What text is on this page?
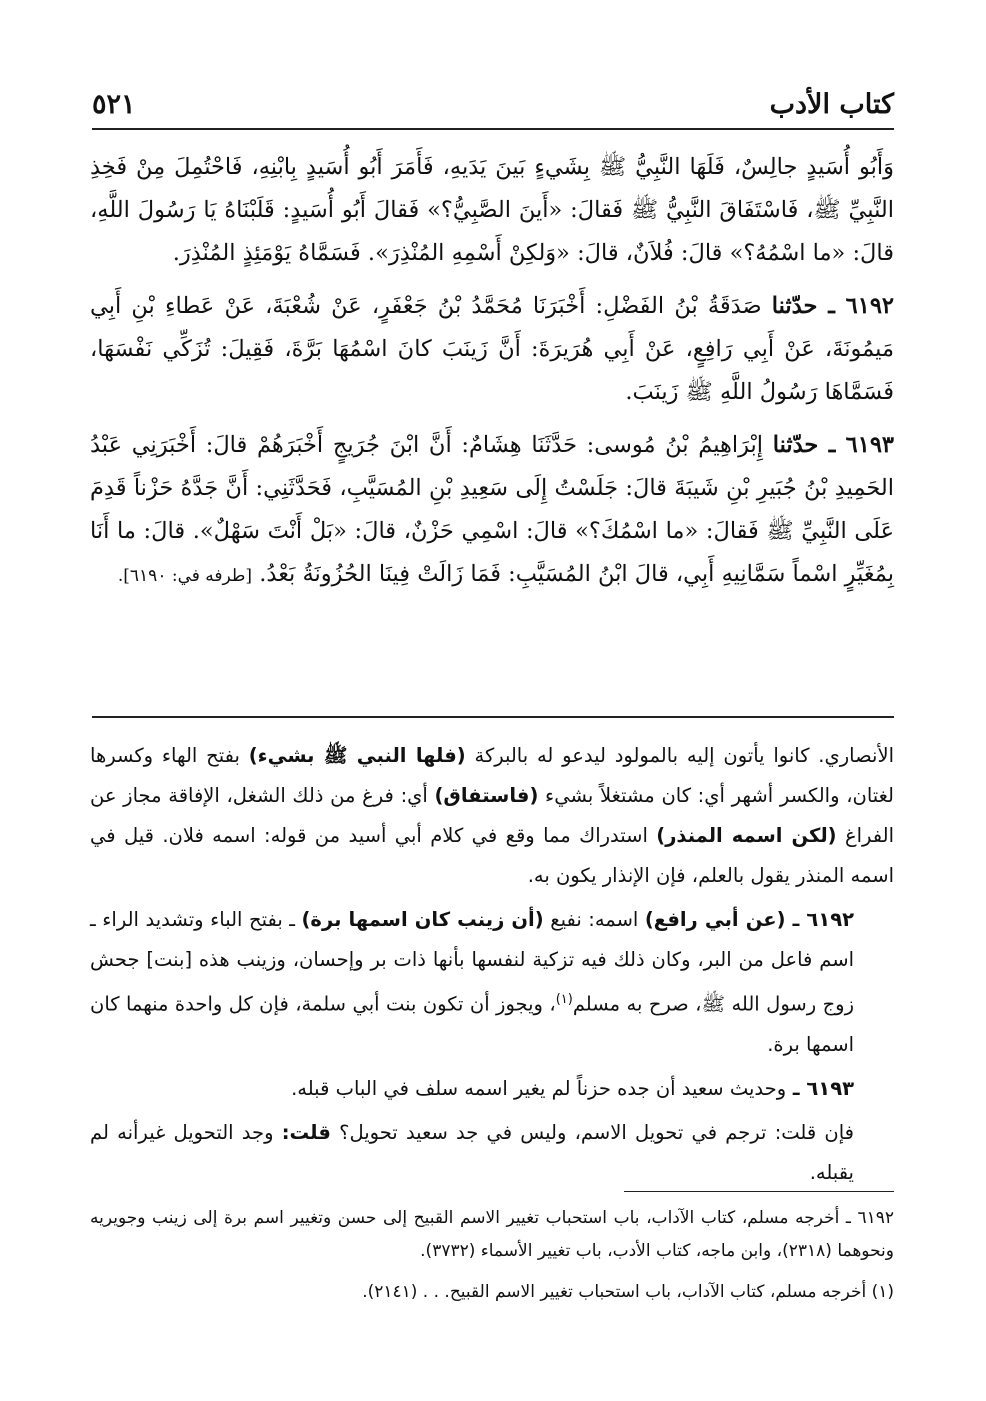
كتاب الأدب
٥٢١

وَأَبُو أُسَيدٍ جالِسٌ، فَلَهَا النَّبِيُّ ﷺ بِشَيءٍ بَينَ يَدَيهِ، فَأَمَرَ أَبُو أُسَيدٍ بِابْنِهِ، فَاحْتُمِلَ مِنْ فَخِذِ النَّبِيِّ ﷺ، فَاسْتَفَاقَ النَّبِيُّ ﷺ فَقالَ: «أَينَ الصَّبِيُّ؟» فَقالَ أَبُو أُسَيدٍ: قَلَبْنَاهُ يَا رَسُولَ اللَّهِ، قالَ: «ما اسْمُهُ؟» قالَ: فُلاَنٌ، قالَ: «وَلكِنْ أَسْمِهِ المُنْذِرَ». فَسَمَّاهُ يَوْمَئِذٍ المُنْذِرَ.

٦١٩٢ ـ حدّثنا صَدَقَةُ بْنُ الفَضْلِ: أَخْبَرَنَا مُحَمَّدُ بْنُ جَعْفَرٍ، عَنْ شُعْبَةَ، عَنْ عَطاءِ بْنِ أَبِي مَيمُونَةَ، عَنْ أَبِي رَافِعٍ، عَنْ أَبِي هُرَيرَةَ: أَنَّ زَينَبَ كانَ اسْمُهَا بَرَّةَ، فَقِيلَ: تُزَكِّي نَفْسَهَا، فَسَمَّاهَا رَسُولُ اللَّهِ ﷺ زَينَبَ.

٦١٩٣ ـ حدّثنا إِبْرَاهِيمُ بْنُ مُوسى: حَدَّثَنَا هِشَامٌ: أَنَّ ابْنَ جُرَيجٍ أَخْبَرَهُمْ قالَ: أَخْبَرَنِي عَبْدُ الحَمِيدِ بْنُ جُبَيرِ بْنِ شَيبَةَ قالَ: جَلَسْتُ إِلَى سَعِيدِ بْنِ المُسَيَّبِ، فَحَدَّثَنِي: أَنَّ جَدَّهُ حَزْناً قَدِمَ عَلَى النَّبِيِّ ﷺ فَقالَ: «ما اسْمُكَ؟» قالَ: اسْمِي حَزْنٌ، قالَ: «بَلْ أَنْتَ سَهْلٌ». قالَ: ما أَنَا بِمُغَيِّرٍ اسْماً سَمَّانِيهِ أَبِي، قالَ ابْنُ المُسَيَّبِ: فَمَا زَالَتْ فِينَا الحُزُونَةُ بَعْدُ. [طرفه في: ٦١٩٠].

الأنصاري. كانوا يأتون إليه بالمولود ليدعو له بالبركة (فلها النبي ﷺ بشيء) بفتح الهاء وكسرها لغتان، والكسر أشهر أي: كان مشتغلاً بشيء (فاستفاق) أي: فرغ من ذلك الشغل، الإفاقة مجاز عن الفراغ (لكن اسمه المنذر) استدراك مما وقع في كلام أبي أسيد من قوله: اسمه فلان. قيل في اسمه المنذر يقول بالعلم، فإن الإنذار يكون به.

٦١٩٢ ـ (عن أبي رافع) اسمه: نفيع (أن زينب كان اسمها برة) ـ بفتح الباء وتشديد الراء ـ اسم فاعل من البر، وكان ذلك فيه تزكية لنفسها بأنها ذات بر وإحسان، وزينب هذه [بنت] جحش زوج رسول الله ﷺ، صرح به مسلم$^{(١)}$، ويجوز أن تكون بنت أبي سلمة، فإن كل واحدة منهما كان اسمها برة.

٦١٩٣ ـ وحديث سعيد أن جده حزناً لم يغير اسمه سلف في الباب قبله.

فإن قلت: ترجم في تحويل الاسم، وليس في جد سعيد تحويل؟ قلت: وجد التحويل غيرأنه لم يقبله.

٦١٩٢ ـ أخرجه مسلم، كتاب الآداب، باب استحباب تغيير الاسم القبيح إلى حسن وتغيير اسم برة إلى زينب وجويريه ونحوهما (٢٣١٨)، وابن ماجه، كتاب الأدب، باب تغيير الأسماء (٣٧٣٢).

(١) أخرجه مسلم، كتاب الآداب، باب استحباب تغيير الاسم القبيح. . . (٢١٤١).
